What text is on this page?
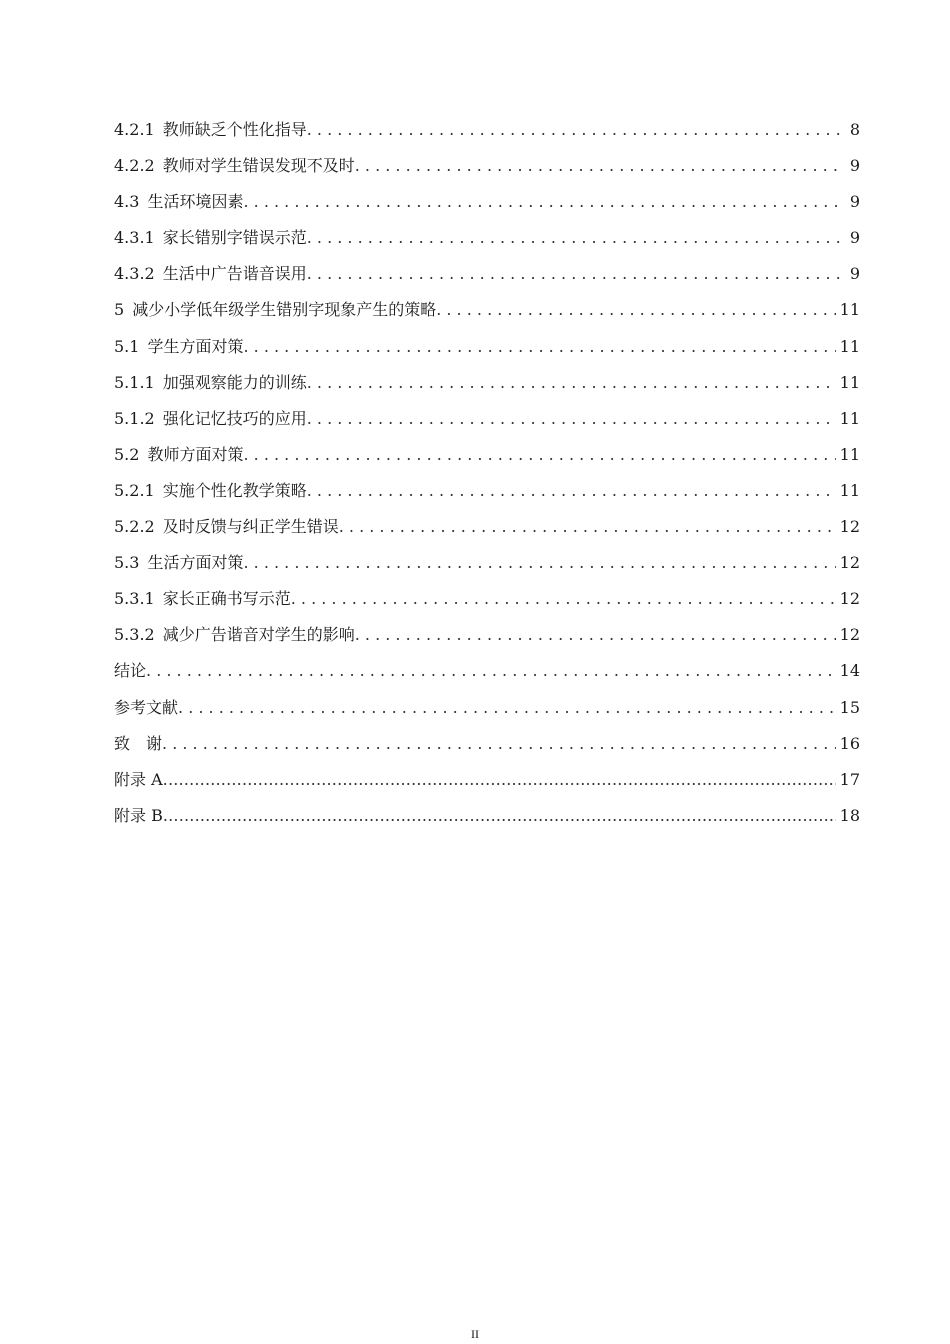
4.2.1 教师缺乏个性化指导 . . .	8
4.2.2 教师对学生错误发现不及时 . . .	9
4.3 生活环境因素 . . .	9
4.3.1 家长错别字错误示范 . . .	9
4.3.2 生活中广告谐音误用 . . .	9
5 减少小学低年级学生错别字现象产生的策略 . . .	11
5.1 学生方面对策 . . .	11
5.1.1 加强观察能力的训练 . . .	11
5.1.2 强化记忆技巧的应用 . . .	11
5.2 教师方面对策 . . .	11
5.2.1 实施个性化教学策略 . . .	11
5.2.2 及时反馈与纠正学生错误 . . .	12
5.3 生活方面对策 . . .	12
5.3.1 家长正确书写示范 . . .	12
5.3.2 减少广告谐音对学生的影响 . . .	12
结论 . . .	14
参考文献 . . .	15
致　谢 . . .	16
附录 A .....	17
附录 B .....	18
II
